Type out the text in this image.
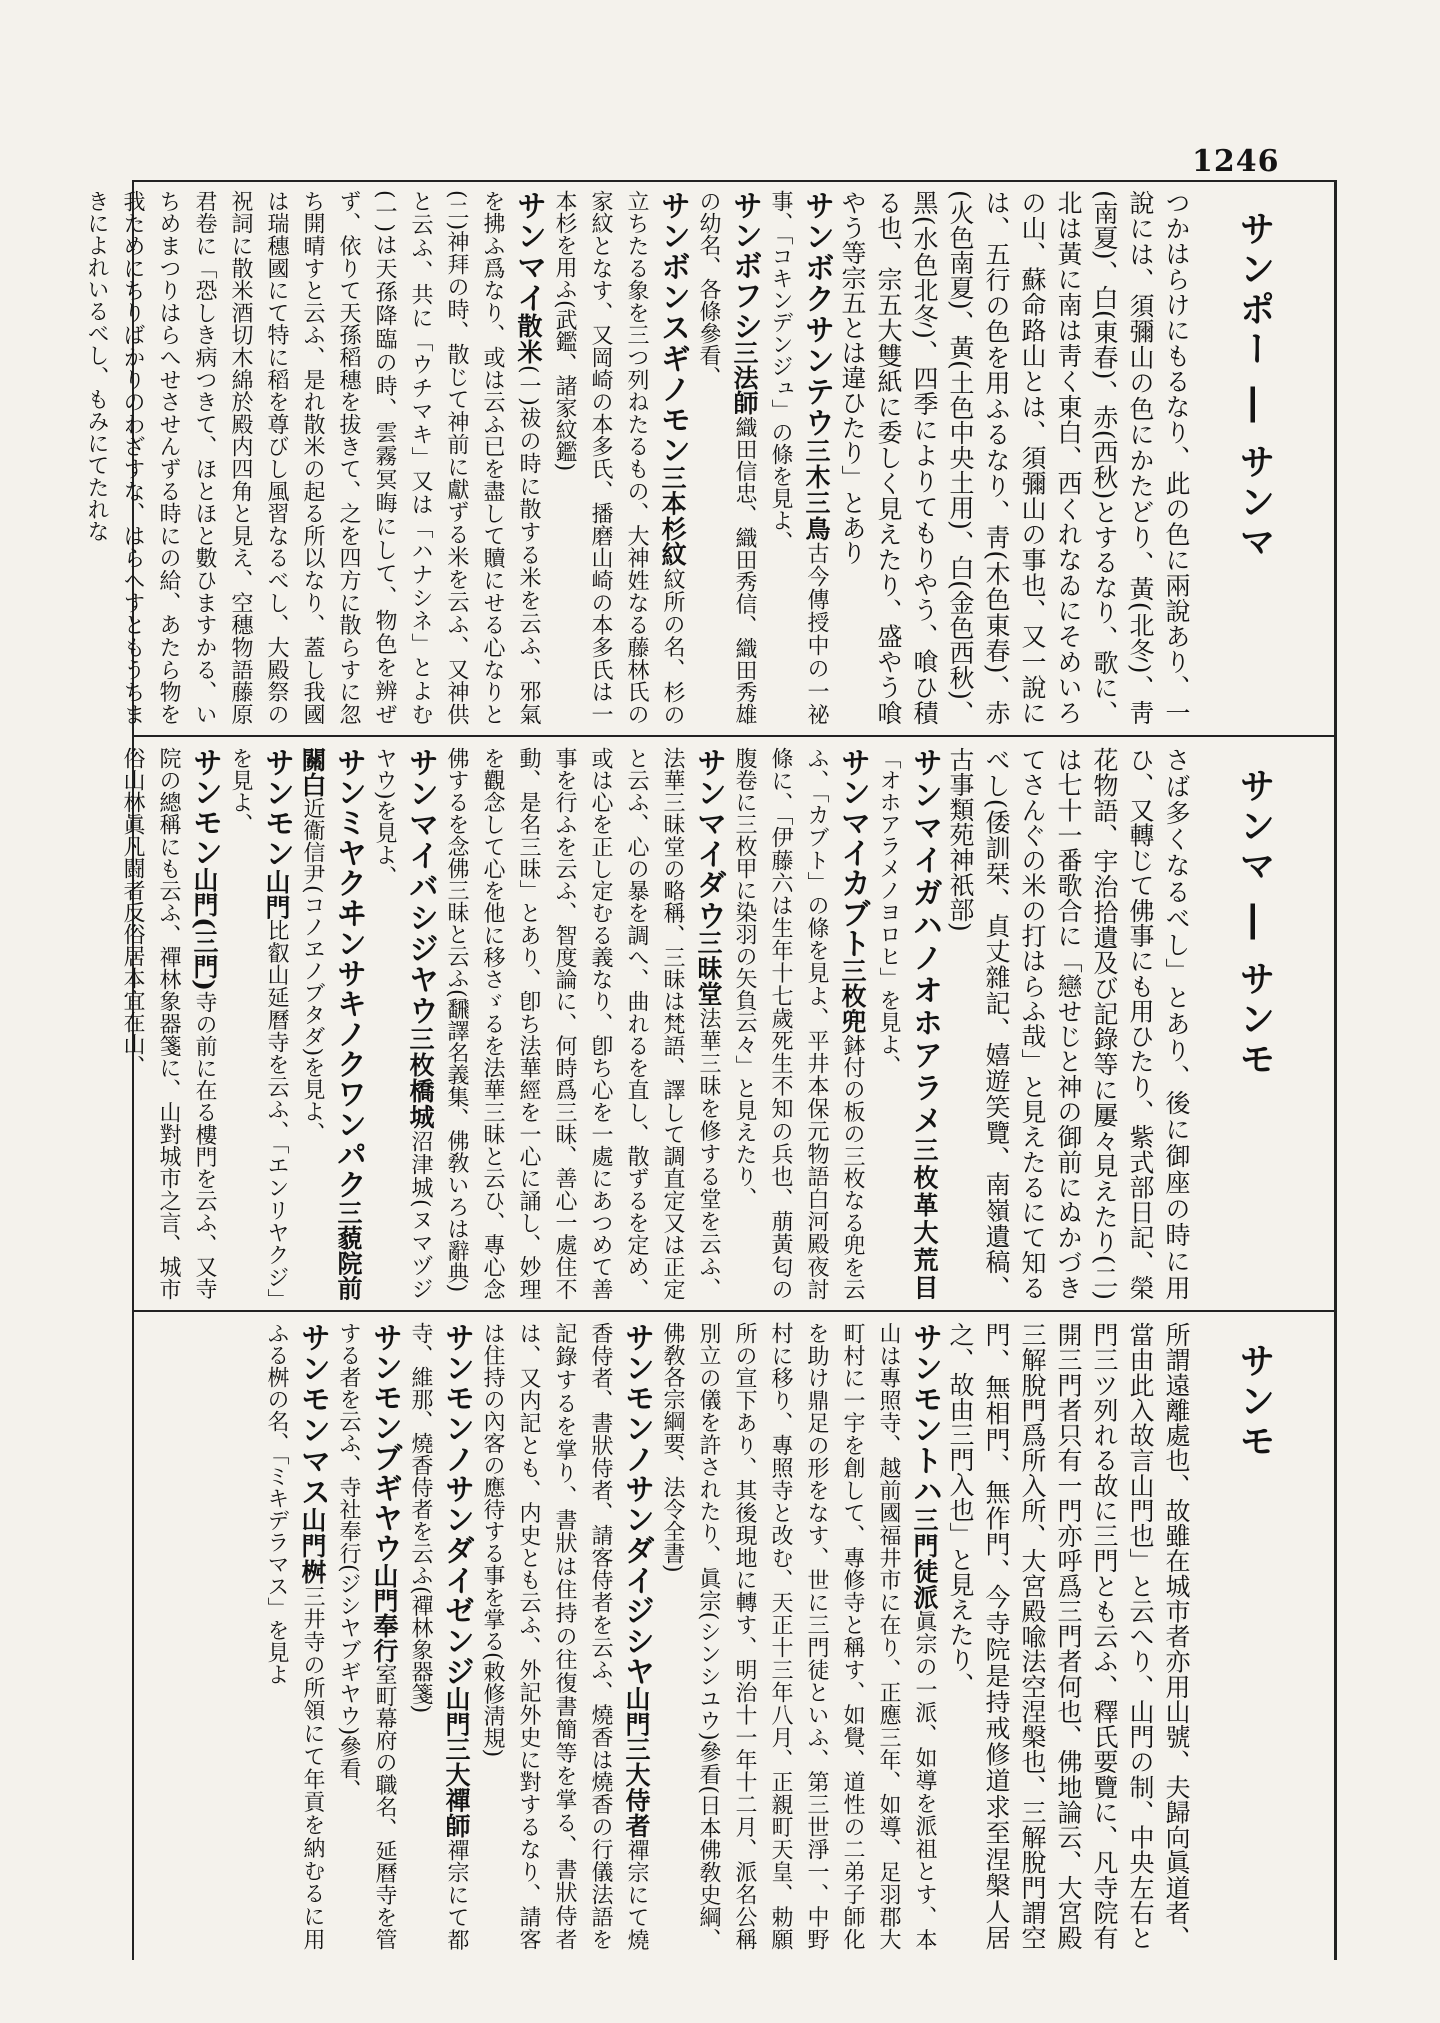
1246
サンポー ― サンマ

つかはらけにもるなり、此の色に兩說あり、一說には、須彌山の色にかたどり、黃(北冬)、靑(南夏)、白(東春)、赤(西秋)とするなり、歌に、北は黃に南は靑く東白、西くれなゐにそめいろの山、蘇命路山とは、須彌山の事也、又一說には、五行の色を用ふるなり、靑(木色東春)、赤(火色南夏)、黃(土色中央土用)、白(金色西秋)、黑(水色北冬)、四季によりてもりやう、喰ひ積る也、宗五大雙紙に委しく見えたり、盛やう喰やう等宗五とは違ひたり」とあり

サンボクサンテウ三木三鳥古今傳授中の一祕事、「コキンデンジュ」の條を見よ、

サンボフシ三法師織田信忠、織田秀信、織田秀雄の幼名、各條參看、

サンボンスギノモン三本杉紋紋所の名、杉の立ちたる象を三つ列ねたるもの、大神姓なる藤林氏の家紋となす、又岡崎の本多氏、播磨山崎の本多氏は一本杉を用ふ(武鑑、諸家紋鑑)

サンマイ散米(一)祓の時に散する米を云ふ、邪氣を拂ふ爲なり、或は云ふ已を盡して贖にせる心なりと(二)神拜の時、散じて神前に獻ずる米を云ふ、又神供と云ふ、共に「ウチマキ」又は「ハナシネ」とよむ(一)は天孫降臨の時、雲霧冥晦にして、物色を辨ぜず、依りて天孫稻穗を拔きて、之を四方に散らすに忽ち開晴すと云ふ、是れ散米の起る所以なり、蓋し我國は瑞穗國にて特に稻を尊びし風習なるべし、大殿祭の祝詞に散米酒切木綿於殿内四角と見え、空穗物語藤原君卷に「恐しき病つきて、ほとほと數ひますかる、いちめまつりはらへせさせんずる時にの給、あたら物を我ためにちりばかりのわざすな、はらへすともうちまきによれいるべし、もみにてたれな

サンマ ― サンモ

さば多くなるべし」とあり、後に御座の時に用ひ、又轉じて佛事にも用ひたり、紫式部日記、榮花物語、宇治拾遺及び記錄等に屢々見えたり(二)は七十一番歌合に「戀せじと神の御前にぬかづきてさんぐの米の打はらふ哉」と見えたるにて知るべし(倭訓栞、貞丈雜記、嬉遊笑覽、南嶺遺稿、古事類苑神祇部)

サンマイガハノオホアラメ三枚革大荒目「オホアラメノヨロヒ」を見よ、

サンマイカブト三枚兜鉢付の板の三枚なる兜を云ふ、「カブト」の條を見よ、平井本保元物語白河殿夜討條に、「伊藤六は生年十七歲死生不知の兵也、萠黃匂の腹卷に三枚甲に染羽の矢負云々」と見えたり、

サンマイダウ三昧堂法華三昧を修する堂を云ふ、法華三昧堂の略稱、三昧は梵語、譯して調直定又は正定と云ふ、心の暴を調へ、曲れるを直し、散ずるを定め、或は心を正し定むる義なり、卽ち心を一處にあつめて善事を行ふを云ふ、智度論に、何時爲三昧、善心一處住不動、是名三昧」とあり、卽ち法華經を一心に誦し、妙理を觀念して心を他に移さゞるを法華三昧と云ひ、專心念佛するを念佛三昧と云ふ(飜譯名義集、佛敎いろは辭典)

サンマイバシジヤウ三枚橋城沼津城(ヌマヅジヤウ)を見よ、

サンミヤクヰンサキノクワンパク三藐院前關白近衞信尹(コノヱノブタダ)を見よ、

サンモン山門比叡山延曆寺を云ふ、「エンリヤクジ」を見よ、

サンモン山門(三門)寺の前に在る樓門を云ふ、又寺院の總稱にも云ふ、禪林象器箋に、山對城市之言、城市俗山林眞凡闘者反俗居本宜在山、

サンモ

所謂遠離處也、故雖在城市者亦用山號、夫歸向眞道者、當由此入故言山門也」と云へり、山門の制、中央左右と門三ツ列れる故に三門とも云ふ、釋氏要覽に、凡寺院有開三門者只有一門亦呼爲三門者何也、佛地論云、大宮殿三解脫門爲所入所、大宮殿喩法空涅槃也、三解脫門謂空門、無相門、無作門、今寺院是持戒修道求至涅槃人居之、故由三門入也」と見えたり、

サンモントハ三門徒派眞宗の一派、如導を派祖とす、本山は專照寺、越前國福井市に在り、正應三年、如導、足羽郡大町村に一宇を創して、專修寺と稱す、如覺、道性の二弟子師化を助け鼎足の形をなす、世に三門徒といふ、第三世淨一、中野村に移り、專照寺と改む、天正十三年八月、正親町天皇、勅願所の宣下あり、其後現地に轉す、明治十一年十二月、派名公稱別立の儀を許されたり、眞宗(シンシユウ)參看(日本佛敎史綱、佛敎各宗綱要、法令全書)

サンモンノサンダイジシヤ山門三大侍者禪宗にて燒香侍者、書狀侍者、請客侍者を云ふ、燒香は燒香の行儀法語を記錄するを掌り、書狀は住持の往復書簡等を掌る、書狀侍者は、又内記とも、内史とも云ふ、外記外史に對するなり、請客は住持の內客の應待する事を掌る(敕修淸規)

サンモンノサンダイゼンジ山門三大禪師禪宗にて都寺、維那、燒香侍者を云ふ(禪林象器箋)

サンモンブギヤウ山門奉行室町幕府の職名、延曆寺を管する者を云ふ、寺社奉行(ジシヤブギヤウ)參看、

サンモンマス山門桝三井寺の所領にて年貢を納むるに用ふる桝の名、「ミキデラマス」を見よ
